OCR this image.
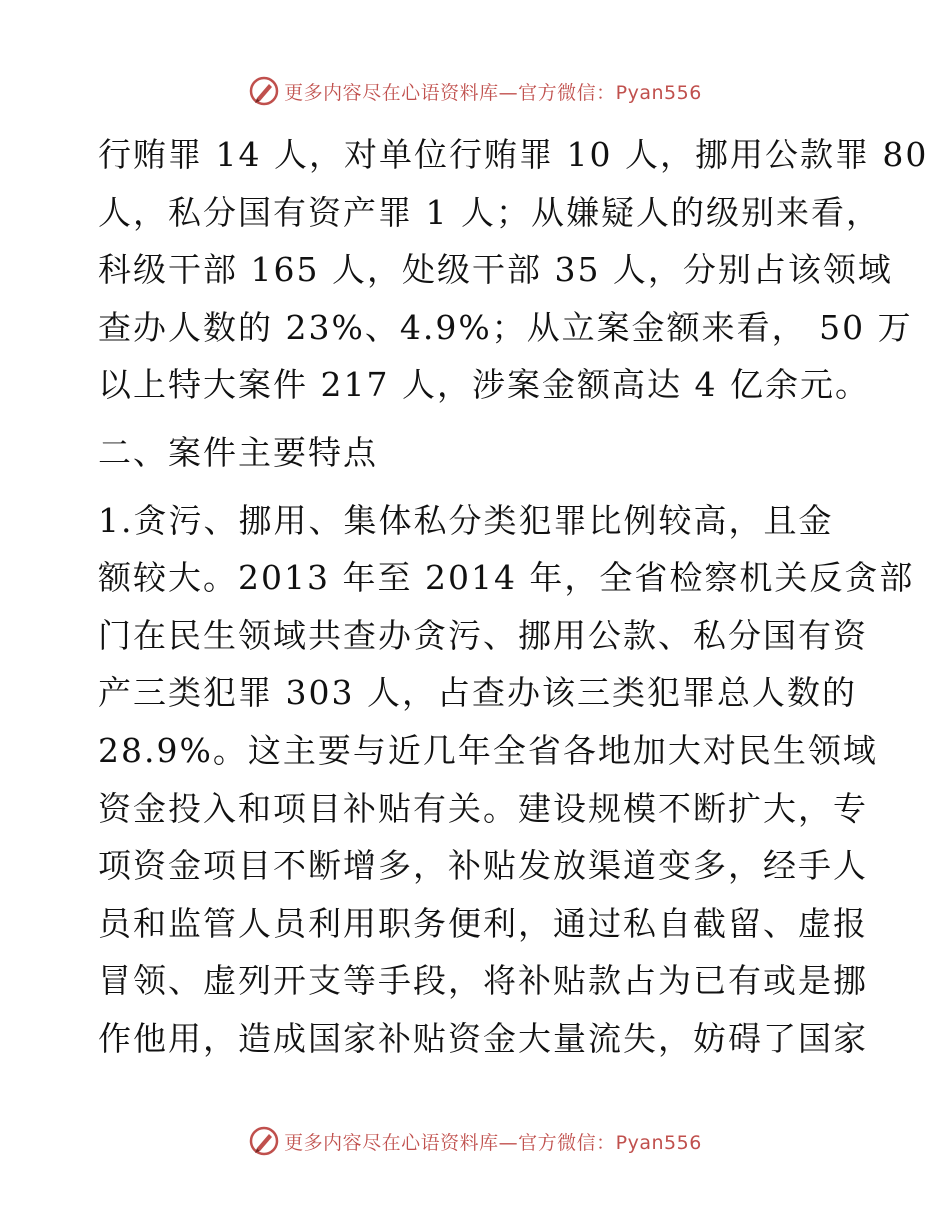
更多内容尽在心语资料库—官方微信：Pyan556
行贿罪 14 人，对单位行贿罪 10 人，挪用公款罪 80
人，私分国有资产罪 1 人；从嫌疑人的级别来看，
科级干部 165 人，处级干部 35 人，分别占该领域
查办人数的 23%、4.9%；从立案金额来看， 50 万
以上特大案件 217 人，涉案金额高达 4 亿余元。
二、案件主要特点
1.贪污、挪用、集体私分类犯罪比例较高，且金
额较大。2013 年至 2014 年，全省检察机关反贪部
门在民生领域共查办贪污、挪用公款、私分国有资
产三类犯罪 303 人，占查办该三类犯罪总人数的
28.9%。这主要与近几年全省各地加大对民生领域
资金投入和项目补贴有关。建设规模不断扩大，专
项资金项目不断增多，补贴发放渠道变多，经手人
员和监管人员利用职务便利，通过私自截留、虚报
冒领、虚列开支等手段，将补贴款占为已有或是挪
作他用，造成国家补贴资金大量流失，妨碍了国家
更多内容尽在心语资料库—官方微信：Pyan556
